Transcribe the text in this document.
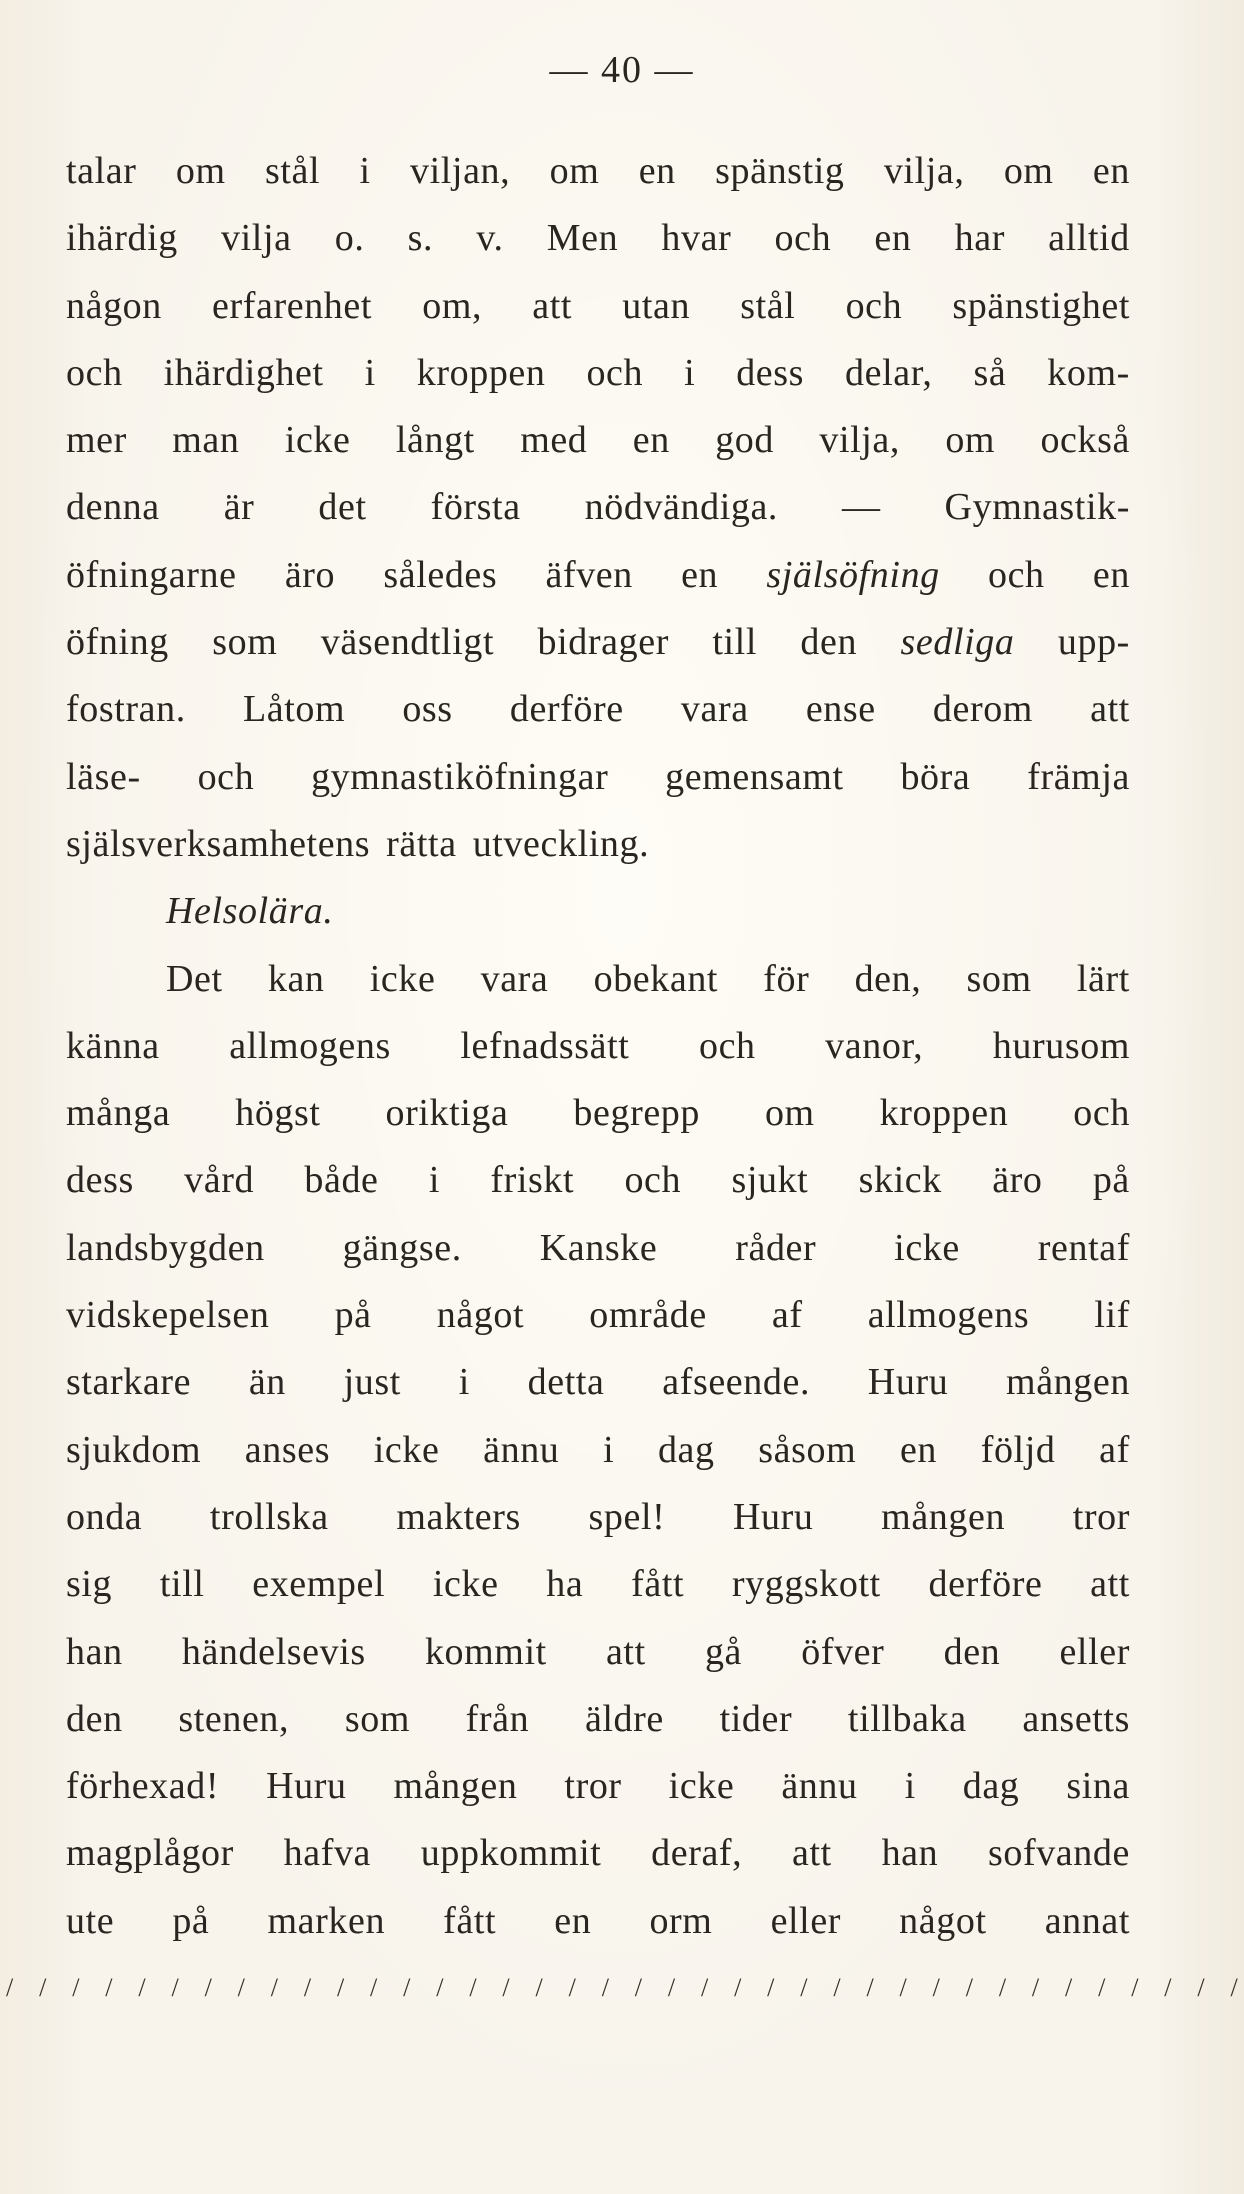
— 40 —
talar om stål i viljan, om en spänstig vilja, om en
ihärdig vilja o. s. v. Men hvar och en har alltid
någon erfarenhet om, att utan stål och spänstighet
och ihärdighet i kroppen och i dess delar, så kom-
mer man icke långt med en god vilja, om också
denna är det första nödvändiga. — Gymnastik-
öfningarne äro således äfven en själsöfning och en
öfning som väsendtligt bidrager till den sedliga upp-
fostran. Låtom oss derföre vara ense derom att
läse- och gymnastiköfningar gemensamt böra främja
själsverksamhetens rätta utveckling.
Helsolära.
Det kan icke vara obekant för den, som lärt
känna allmogens lefnadssätt och vanor, hurusom
många högst oriktiga begrepp om kroppen och
dess vård både i friskt och sjukt skick äro på
landsbygden gängse. Kanske råder icke rentaf
vidskepelsen på något område af allmogens lif
starkare än just i detta afseende. Huru mången
sjukdom anses icke ännu i dag såsom en följd af
onda trollska makters spel! Huru mången tror
sig till exempel icke ha fått ryggskott derföre att
han händelsevis kommit att gå öfver den eller
den stenen, som från äldre tider tillbaka ansetts
förhexad! Huru mången tror icke ännu i dag sina
magplågor hafva uppkommit deraf, att han sofvande
ute på marken fått en orm eller något annat
/ / / / / / / / / / / / / / / / / / / / / / / / / / / / / / / / / / / / / /
